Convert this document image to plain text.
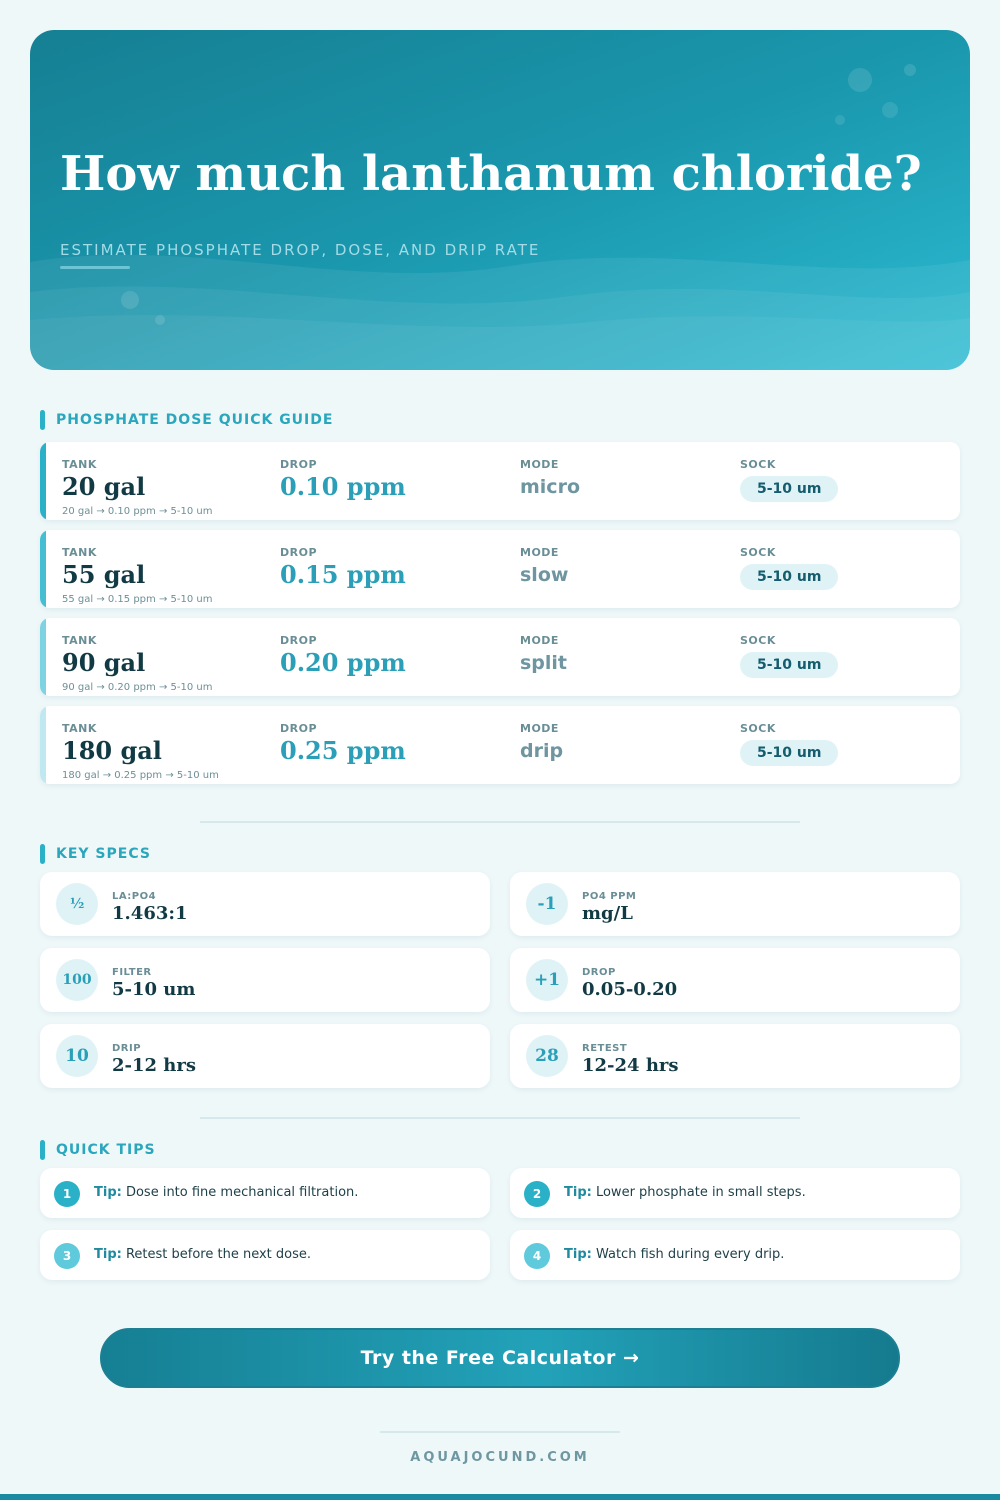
How much lanthanum chloride?
ESTIMATE PHOSPHATE DROP, DOSE, AND DRIP RATE
PHOSPHATE DOSE QUICK GUIDE
TANK
20 gal
DROP
0.10 ppm
MODE
micro
SOCK
5-10 um
20 gal → 0.10 ppm → 5-10 um
TANK
55 gal
DROP
0.15 ppm
MODE
slow
SOCK
5-10 um
55 gal → 0.15 ppm → 5-10 um
TANK
90 gal
DROP
0.20 ppm
MODE
split
SOCK
5-10 um
90 gal → 0.20 ppm → 5-10 um
TANK
180 gal
DROP
0.25 ppm
MODE
drip
SOCK
5-10 um
180 gal → 0.25 ppm → 5-10 um
KEY SPECS
½	LA:PO4
1.463:1	-1	PO4 PPM
mg/L
100	FILTER
5-10 um	+1	DROP
0.05-0.20
10	DRIP
2-12 hrs	28	RETEST
12-24 hrs
QUICK TIPS
1	Tip: Dose into fine mechanical filtration.	2	Tip: Lower phosphate in small steps.
3	Tip: Retest before the next dose.	4	Tip: Watch fish during every drip.
Try the Free Calculator →
AQUAJOCUND.COM
